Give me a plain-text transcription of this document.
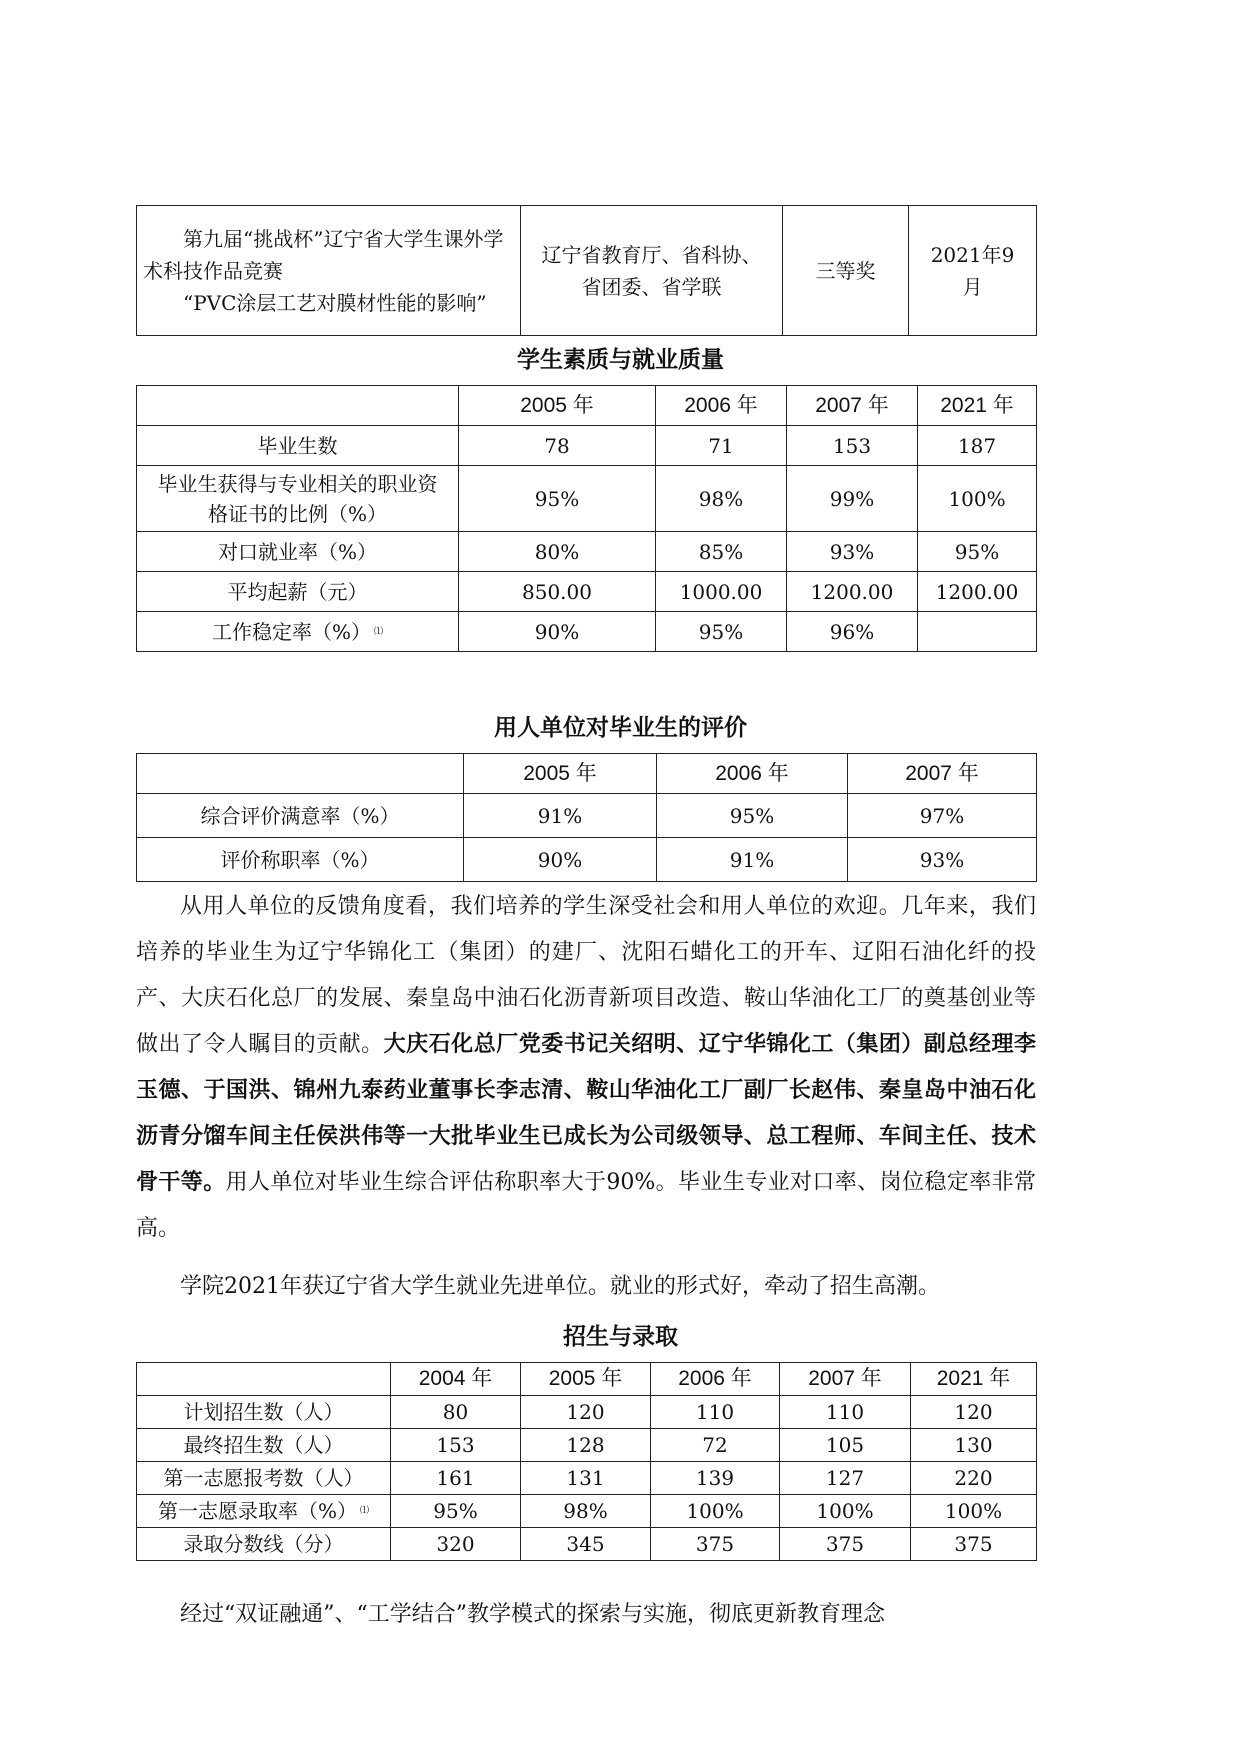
第九届“挑战杯”辽宁省大学生课外学术科技作品竞赛
“PVC涂层工艺对膜材性能的影响”
	辽宁省教育厅、省科协、省团委、省学联	三等奖	2021年9月
学生素质与就业质量
	2005 年	2006 年	2007 年	2021 年
毕业生数	78	71	153	187
毕业生获得与专业相关的职业资格证书的比例（%）	95%	98%	99%	100%
对口就业率（%）	80%	85%	93%	95%
平均起薪（元）	850.00	1000.00	1200.00	1200.00
工作稳定率（%） ⑴	90%	95%	96%	
用人单位对毕业生的评价
	2005 年	2006 年	2007 年
综合评价满意率（%）	91%	95%	97%
评价称职率（%）	90%	91%	93%

从用人单位的反馈角度看，我们培养的学生深受社会和用人单位的欢迎。几年来，我们培养的毕业生为辽宁华锦化工（集团）的建厂、沈阳石蜡化工的开车、辽阳石油化纤的投产、大庆石化总厂的发展、秦皇岛中油石化沥青新项目改造、鞍山华油化工厂的奠基创业等做出了令人瞩目的贡献。大庆石化总厂党委书记关绍明、辽宁华锦化工（集团）副总经理李玉德、于国洪、锦州九泰药业董事长李志清、鞍山华油化工厂副厂长赵伟、秦皇岛中油石化沥青分馏车间主任侯洪伟等一大批毕业生已成长为公司级领导、总工程师、车间主任、技术骨干等。用人单位对毕业生综合评估称职率大于90%。毕业生专业对口率、岗位稳定率非常高。

学院2021年获辽宁省大学生就业先进单位。就业的形式好，牵动了招生高潮。

招生与录取
	2004 年	2005 年	2006 年	2007 年	2021 年
计划招生数（人）	80	120	110	110	120
最终招生数（人）	153	128	72	105	130
第一志愿报考数（人）	161	131	139	127	220
第一志愿录取率（%） ⑴	95%	98%	100%	100%	100%
录取分数线（分）	320	345	375	375	375

经过“双证融通”、“工学结合”教学模式的探索与实施，彻底更新教育理念
